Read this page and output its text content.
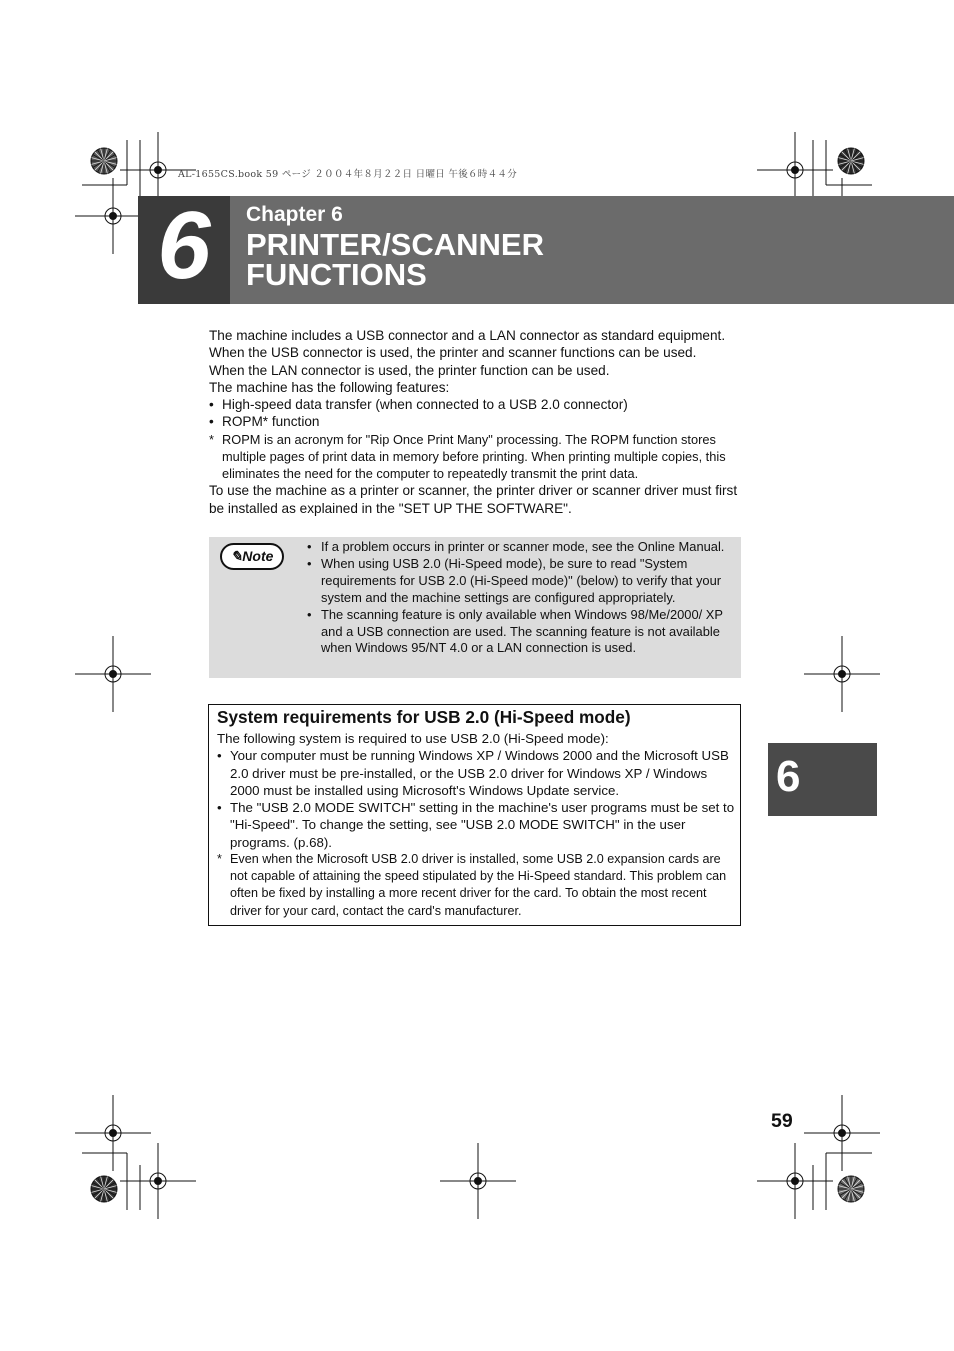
AL-1655CS.book 59 ページ ２００４年８月２２日 日曜日 午後６時４４分
6	Chapter 6
PRINTER/SCANNER
FUNCTIONS

The machine includes a USB connector and a LAN connector as standard equipment.

When the USB connector is used, the printer and scanner functions can be used.

When the LAN connector is used, the printer function can be used.

The machine has the following features:

• High-speed data transfer (when connected to a USB 2.0 connector)
• ROPM* function
* ROPM is an acronym for "Rip Once Print Many" processing. The ROPM function stores multiple pages of print data in memory before printing. When printing multiple copies, this eliminates the need for the computer to repeatedly transmit the print data.

To use the machine as a printer or scanner, the printer driver or scanner driver must first be installed as explained in the "SET UP THE SOFTWARE".

✎Note
• If a problem occurs in printer or scanner mode, see the Online Manual.
• When using USB 2.0 (Hi-Speed mode), be sure to read "System requirements for USB 2.0 (Hi-Speed mode)" (below) to verify that your system and the machine settings are configured appropriately.
• The scanning feature is only available when Windows 98/Me/2000/ XP and a USB connection are used. The scanning feature is not available when Windows 95/NT 4.0 or a LAN connection is used.
System requirements for USB 2.0 (Hi-Speed mode)

The following system is required to use USB 2.0 (Hi-Speed mode):

• Your computer must be running Windows XP / Windows 2000 and the Microsoft USB 2.0 driver must be pre-installed, or the USB 2.0 driver for Windows XP / Windows 2000 must be installed using Microsoft's Windows Update service.
• The "USB 2.0 MODE SWITCH" setting in the machine's user programs must be set to "Hi-Speed". To change the setting, see "USB 2.0 MODE SWITCH" in the user programs. (p.68).
* Even when the Microsoft USB 2.0 driver is installed, some USB 2.0 expansion cards are not capable of attaining the speed stipulated by the Hi-Speed standard. This problem can often be fixed by installing a more recent driver for the card. To obtain the most recent driver for your card, contact the card's manufacturer.
6
59
